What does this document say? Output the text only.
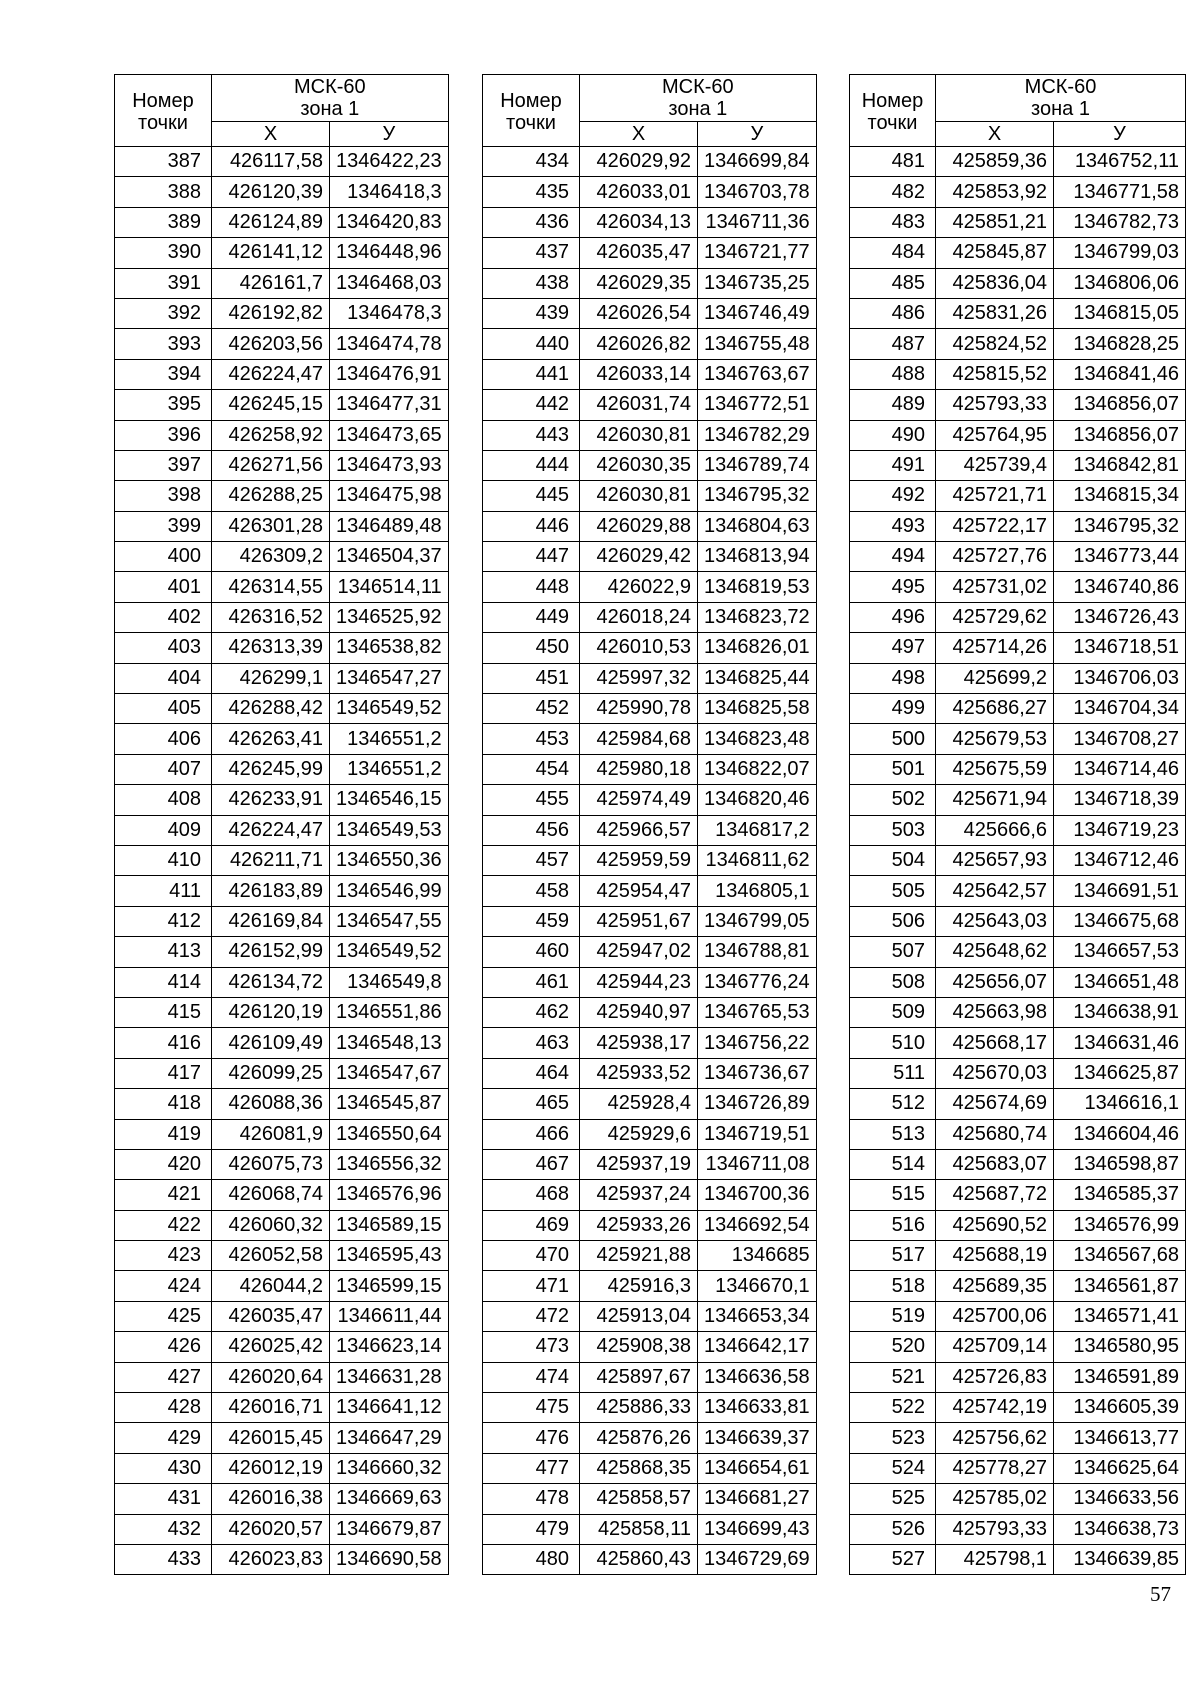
Номер
точки	МСК-60
зона 1	
	Х	У
387	426117,58	1346422,23
388	426120,39	1346418,3
389	426124,89	1346420,83
390	426141,12	1346448,96
391	426161,7	1346468,03
392	426192,82	1346478,3
393	426203,56	1346474,78
394	426224,47	1346476,91
395	426245,15	1346477,31
396	426258,92	1346473,65
397	426271,56	1346473,93
398	426288,25	1346475,98
399	426301,28	1346489,48
400	426309,2	1346504,37
401	426314,55	1346514,11
402	426316,52	1346525,92
403	426313,39	1346538,82
404	426299,1	1346547,27
405	426288,42	1346549,52
406	426263,41	1346551,2
407	426245,99	1346551,2
408	426233,91	1346546,15
409	426224,47	1346549,53
410	426211,71	1346550,36
411	426183,89	1346546,99
412	426169,84	1346547,55
413	426152,99	1346549,52
414	426134,72	1346549,8
415	426120,19	1346551,86
416	426109,49	1346548,13
417	426099,25	1346547,67
418	426088,36	1346545,87
419	426081,9	1346550,64
420	426075,73	1346556,32
421	426068,74	1346576,96
422	426060,32	1346589,15
423	426052,58	1346595,43
424	426044,2	1346599,15
425	426035,47	1346611,44
426	426025,42	1346623,14
427	426020,64	1346631,28
428	426016,71	1346641,12
429	426015,45	1346647,29
430	426012,19	1346660,32
431	426016,38	1346669,63
432	426020,57	1346679,87
433	426023,83	1346690,58
Номер
точки	МСК-60
зона 1	
	Х	У
434	426029,92	1346699,84
435	426033,01	1346703,78
436	426034,13	1346711,36
437	426035,47	1346721,77
438	426029,35	1346735,25
439	426026,54	1346746,49
440	426026,82	1346755,48
441	426033,14	1346763,67
442	426031,74	1346772,51
443	426030,81	1346782,29
444	426030,35	1346789,74
445	426030,81	1346795,32
446	426029,88	1346804,63
447	426029,42	1346813,94
448	426022,9	1346819,53
449	426018,24	1346823,72
450	426010,53	1346826,01
451	425997,32	1346825,44
452	425990,78	1346825,58
453	425984,68	1346823,48
454	425980,18	1346822,07
455	425974,49	1346820,46
456	425966,57	1346817,2
457	425959,59	1346811,62
458	425954,47	1346805,1
459	425951,67	1346799,05
460	425947,02	1346788,81
461	425944,23	1346776,24
462	425940,97	1346765,53
463	425938,17	1346756,22
464	425933,52	1346736,67
465	425928,4	1346726,89
466	425929,6	1346719,51
467	425937,19	1346711,08
468	425937,24	1346700,36
469	425933,26	1346692,54
470	425921,88	1346685
471	425916,3	1346670,1
472	425913,04	1346653,34
473	425908,38	1346642,17
474	425897,67	1346636,58
475	425886,33	1346633,81
476	425876,26	1346639,37
477	425868,35	1346654,61
478	425858,57	1346681,27
479	425858,11	1346699,43
480	425860,43	1346729,69
Номер
точки	МСК-60
зона 1	
	Х	У
481	425859,36	1346752,11
482	425853,92	1346771,58
483	425851,21	1346782,73
484	425845,87	1346799,03
485	425836,04	1346806,06
486	425831,26	1346815,05
487	425824,52	1346828,25
488	425815,52	1346841,46
489	425793,33	1346856,07
490	425764,95	1346856,07
491	425739,4	1346842,81
492	425721,71	1346815,34
493	425722,17	1346795,32
494	425727,76	1346773,44
495	425731,02	1346740,86
496	425729,62	1346726,43
497	425714,26	1346718,51
498	425699,2	1346706,03
499	425686,27	1346704,34
500	425679,53	1346708,27
501	425675,59	1346714,46
502	425671,94	1346718,39
503	425666,6	1346719,23
504	425657,93	1346712,46
505	425642,57	1346691,51
506	425643,03	1346675,68
507	425648,62	1346657,53
508	425656,07	1346651,48
509	425663,98	1346638,91
510	425668,17	1346631,46
511	425670,03	1346625,87
512	425674,69	1346616,1
513	425680,74	1346604,46
514	425683,07	1346598,87
515	425687,72	1346585,37
516	425690,52	1346576,99
517	425688,19	1346567,68
518	425689,35	1346561,87
519	425700,06	1346571,41
520	425709,14	1346580,95
521	425726,83	1346591,89
522	425742,19	1346605,39
523	425756,62	1346613,77
524	425778,27	1346625,64
525	425785,02	1346633,56
526	425793,33	1346638,73
527	425798,1	1346639,85
57
